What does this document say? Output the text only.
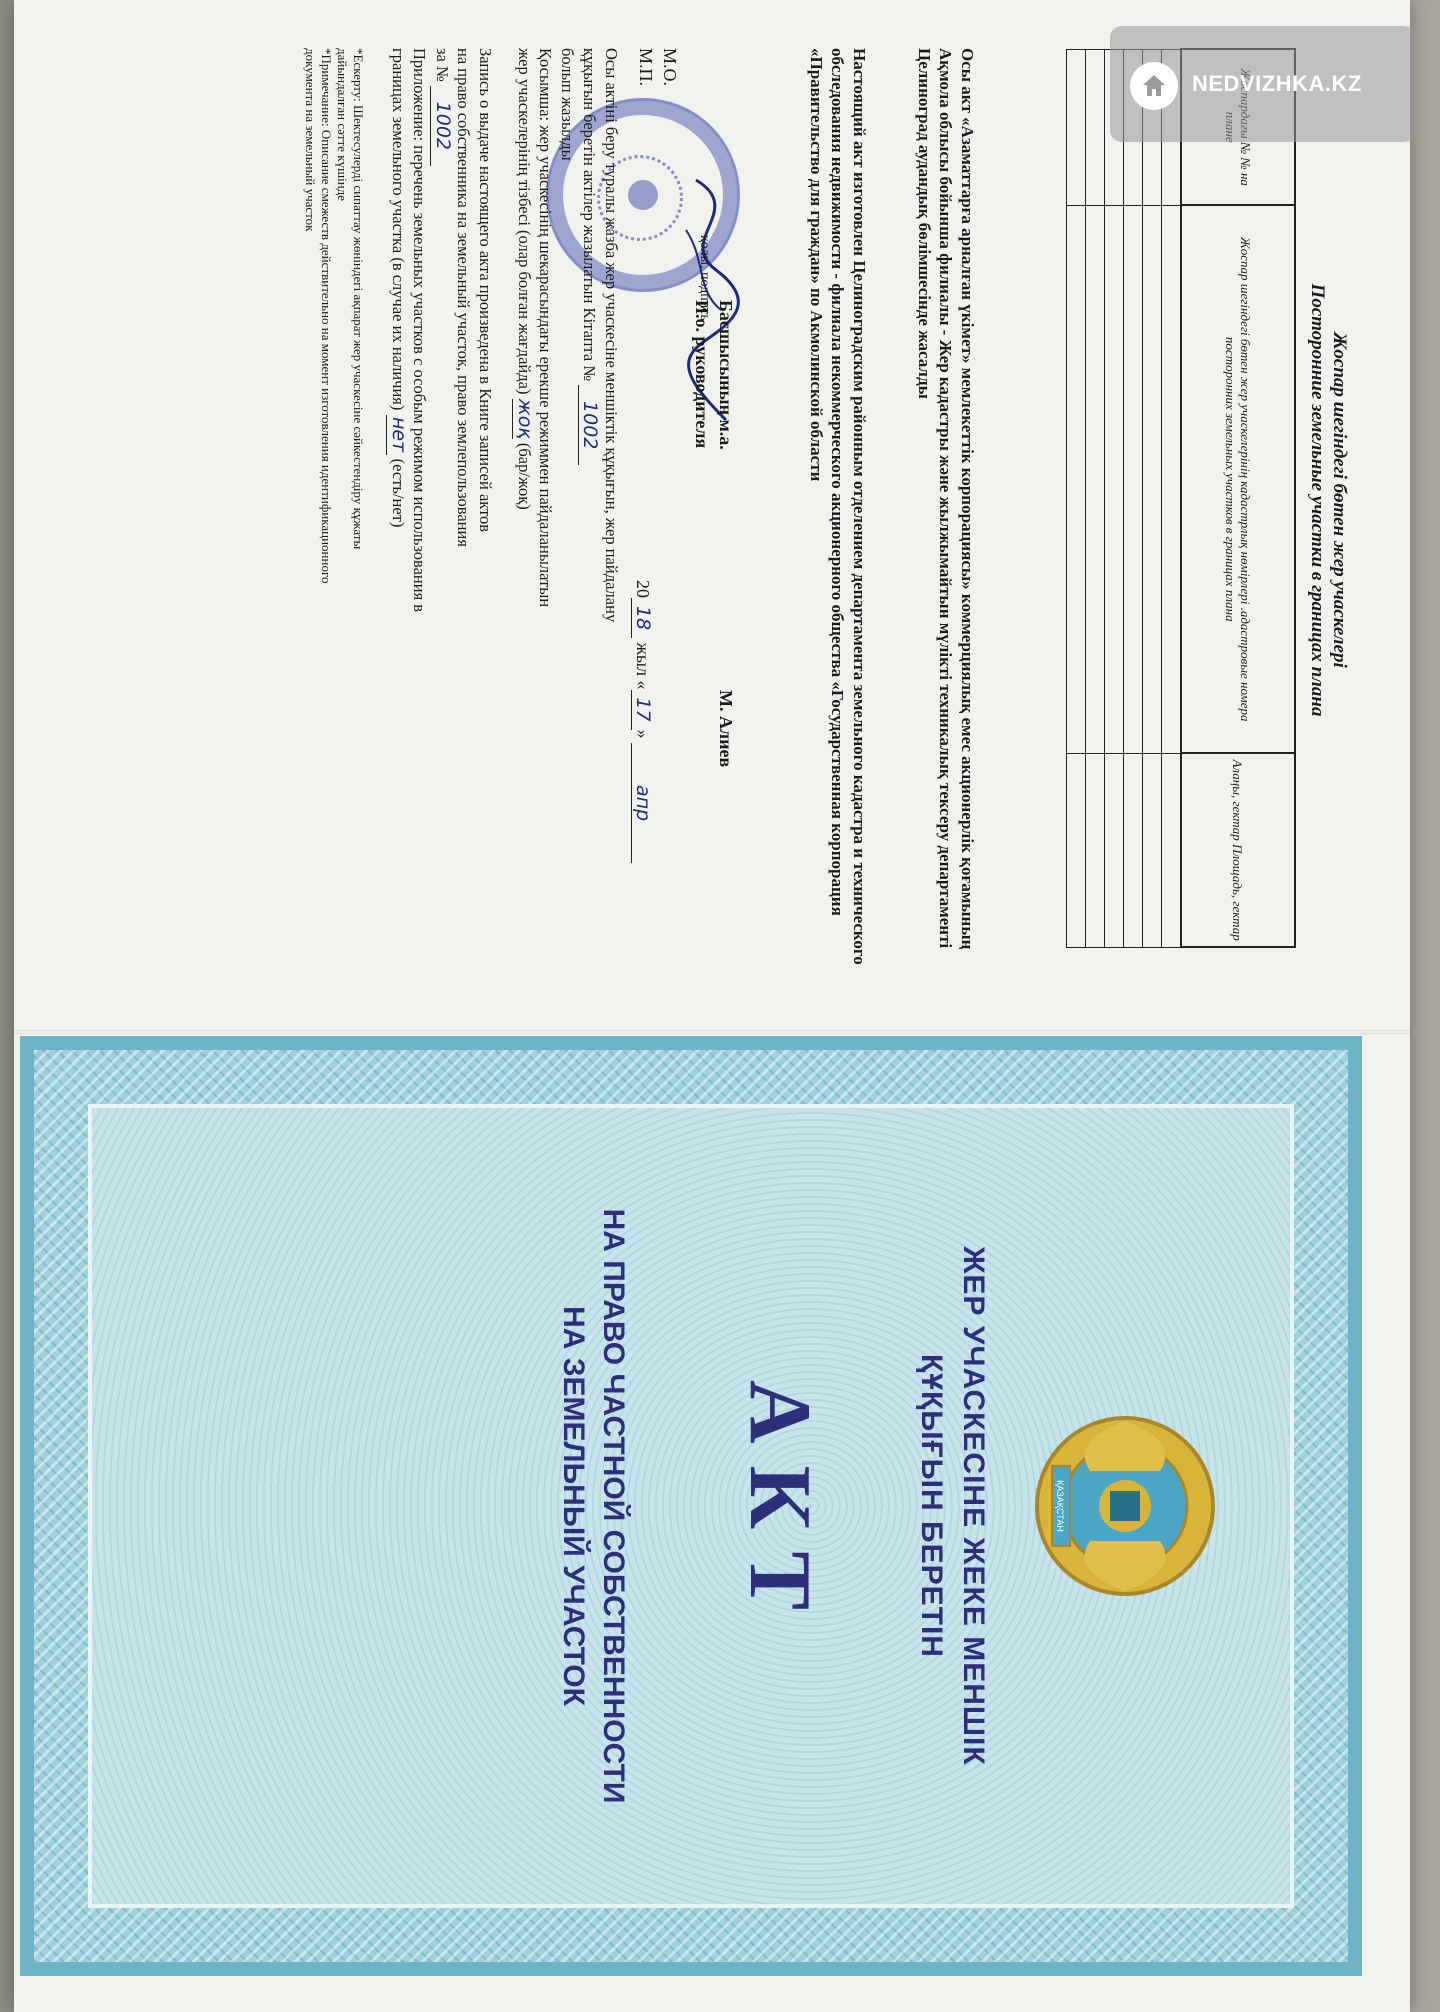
Жоспар шегіндегі бөтен жер учаскелері
Посторонние земельные участки в границах плана
	Жоспар шегіндегі бөтен жер учаскелерінің кадастрлық нөмірлері .адастровые номера посторонних земельных участков в границах плана	Алаңы, гектар Площадь, гектар

Осы акт «Азаматтарға арналған үкімет» мемлекеттік корпорациясы» коммерциялық емес акционерлік қоғамының Ақмола облысы бойынша филиалы - Жер кадастры және жылжымайтын мүлікті техникалық тексеру департаменті Целиноград аудандық бөлімшесінде жасалды
Настоящий акт изготовлен Целиноградским районным отделением департамента земельного кадастра и технического обследования недвижимости - филиала некоммерческого акционерного общества «Государственная корпорация «Правительство для граждан» по Акмолинской области
Басшысының м.а.
М. Алиев
И.о. руководителя
қолы, подпись
М.О.
М.П.
2018 жыл «17» апр
Осы актіні беру туралы жазба жер учаскесіне меншіктік құқығын, жер пайдалану
құқығын беретін актілер жазылатын Кітапта № 1002
болып жазылды
Қосымша: жер учаскесінің шекарасындағы ерекше режиммен пайдаланылатын
жер учаскелерінің тізбесі (олар болған жағдайда) жоқ (бар/жоқ)
Запись о выдаче настоящего акта произведена в Книге записей актов
на право собственника на земельный участок, право землепользования
за № 1002
Приложение: перечень земельных участков с особым режимом использования в
границах земельного участка (в случае их наличия) нет (есть/нет)
*Ескерту: Шектесулерді сипаттау жөніндегі ақпарат жер учаскесіне сәйкестендіру құжаты
дайындалған сәтте күшінде
*Примечание: Описание смежеств действительно на момент изготовления идентификационного
документа на земельный участок
ҚАЗАҚСТАН
ЖЕР УЧАСКЕСІНЕ ЖЕКЕ МЕНШІК
ҚҰҚЫҒЫН БЕРЕТІН
АКТ
НА ПРАВО ЧАСТНОЙ СОБСТВЕННОСТИ
НА ЗЕМЕЛЬНЫЙ УЧАСТОК
NEDVIZHKA.KZ
